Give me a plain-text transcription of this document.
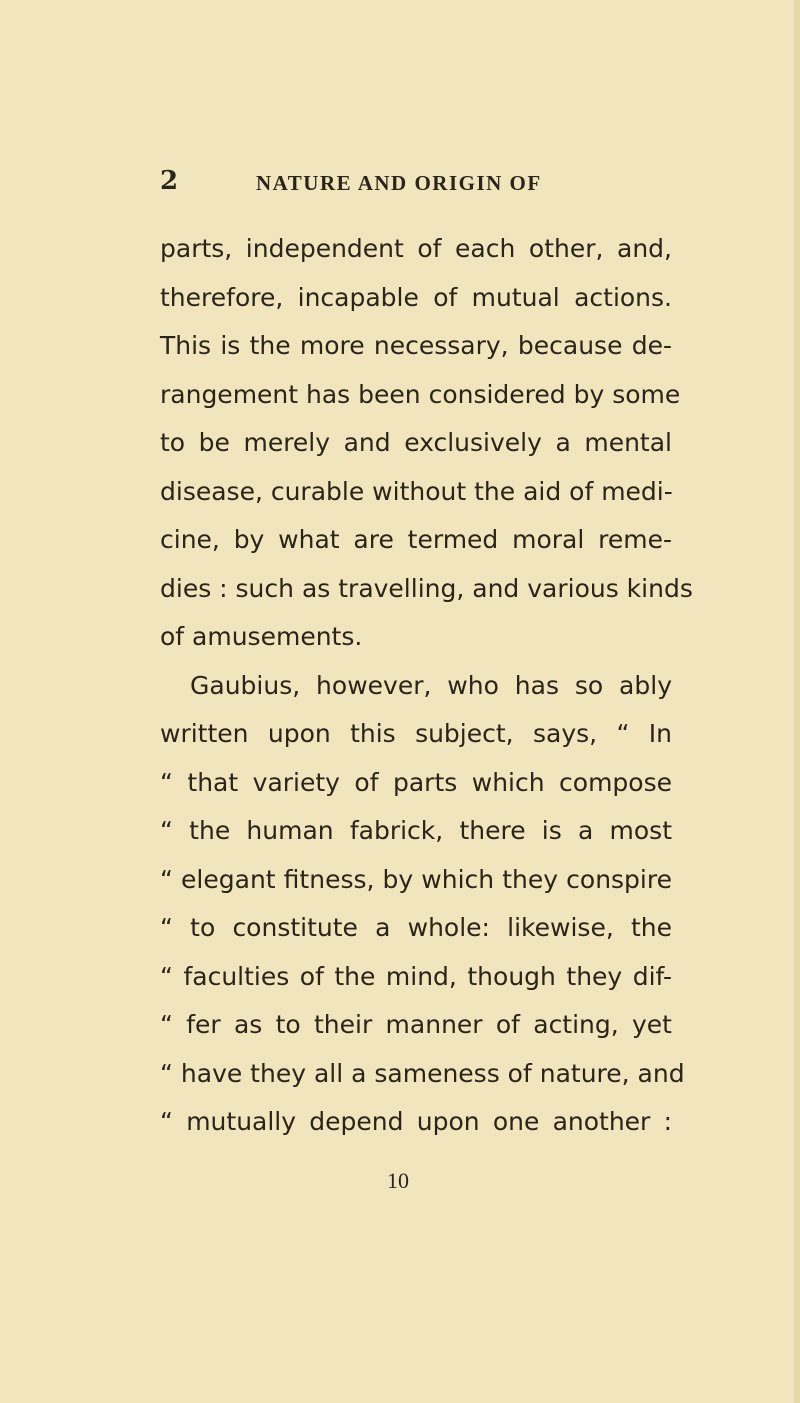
2	NATURE AND ORIGIN OF
parts, independent of each other, and,
therefore, incapable of mutual actions.
This is the more necessary, because de-
rangement has been considered by some
to be merely and exclusively a mental
disease, curable without the aid of medi-
cine, by what are termed moral reme-
dies : such as travelling, and various kinds
of amusements.
Gaubius, however, who has so ably
written upon this subject, says, “ In
“ that variety of parts which compose
“ the human fabrick, there is a most
“ elegant fitness, by which they conspire
“ to constitute a whole: likewise, the
“ faculties of the mind, though they dif-
“ fer as to their manner of acting, yet
“ have they all a sameness of nature, and
“ mutually depend upon one another :
10
